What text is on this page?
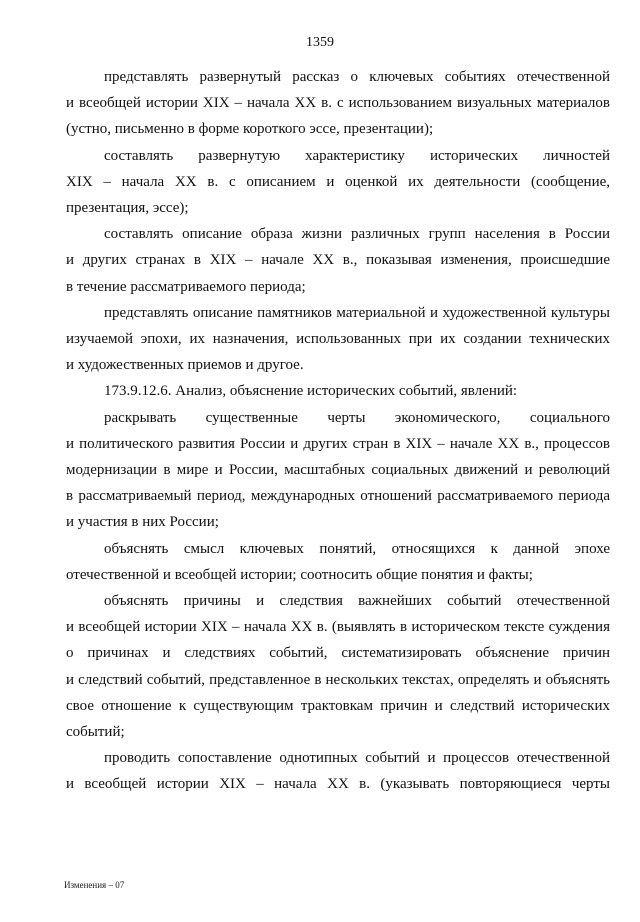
1359

представлять развернутый рассказ о ключевых событиях отечественной
и всеобщей истории XIX – начала XX в. с использованием визуальных материалов
(устно, письменно в форме короткого эссе, презентации);

составлять развернутую характеристику исторических личностей
XIX – начала XX в. с описанием и оценкой их деятельности (сообщение,
презентация, эссе);

составлять описание образа жизни различных групп населения в России
и других странах в XIX – начале XX в., показывая изменения, происшедшие
в течение рассматриваемого периода;

представлять описание памятников материальной и художественной культуры
изучаемой эпохи, их назначения, использованных при их создании технических
и художественных приемов и другое.

173.9.12.6. Анализ, объяснение исторических событий, явлений:

раскрывать существенные черты экономического, социального
и политического развития России и других стран в XIX – начале XX в., процессов
модернизации в мире и России, масштабных социальных движений и революций
в рассматриваемый период, международных отношений рассматриваемого периода
и участия в них России;

объяснять смысл ключевых понятий, относящихся к данной эпохе
отечественной и всеобщей истории; соотносить общие понятия и факты;

объяснять причины и следствия важнейших событий отечественной
и всеобщей истории XIX – начала XX в. (выявлять в историческом тексте суждения
о причинах и следствиях событий, систематизировать объяснение причин
и следствий событий, представленное в нескольких текстах, определять и объяснять
свое отношение к существующим трактовкам причин и следствий исторических
событий;

проводить сопоставление однотипных событий и процессов отечественной
и всеобщей истории XIX – начала XX в. (указывать повторяющиеся черты

Изменения – 07
